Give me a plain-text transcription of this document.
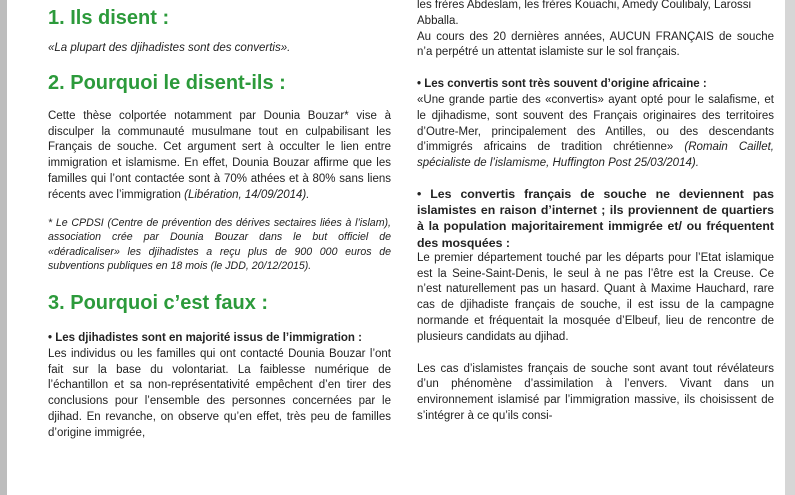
1. Ils disent :

«La plupart des djihadistes sont des convertis».

2. Pourquoi le disent-ils :

Cette thèse colportée notamment par Dounia Bouzar* vise à disculper la communauté musulmane tout en culpabilisant les Français de souche. Cet argument sert à occulter le lien entre immigration et islamisme. En effet, Dounia Bouzar affirme que les familles qui l’ont contactée sont à 70% athées et à 80% sans liens récents avec l’immigration (Libération, 14/09/2014).

* Le CPDSI (Centre de prévention des dérives sectaires liées à l’islam), association crée par Dounia Bouzar dans le but officiel de «déradicaliser» les djihadistes a reçu plus de 900 000 euros de subventions publiques en 18 mois (le JDD, 20/12/2015).

3. Pourquoi c’est faux :

• Les djihadistes sont en majorité issus de l’immigration :

Les individus ou les familles qui ont contacté Dounia Bouzar l’ont fait sur la base du volontariat. La faiblesse numérique de l’échantillon et sa non-représentativité empêchent d’en tirer des conclusions pour l’ensemble des personnes concernées par le djihad. En revanche, on observe qu’en effet, très peu de familles d’origine immigrée,

les frères Abdeslam, les frères Kouachi, Amedy Coulibaly, Larossi Abballa.

Au cours des 20 dernières années, AUCUN FRANÇAIS de souche n’a perpétré un attentat islamiste sur le sol français.

• Les convertis sont très souvent d’origine africaine :

«Une grande partie des «convertis» ayant opté pour le salafisme, et le djihadisme, sont souvent des Français originaires des territoires d’Outre-Mer, principalement des Antilles, ou des descendants d’immigrés africains de tradition chrétienne» (Romain Caillet, spécialiste de l’islamisme, Huffington Post 25/03/2014).

• Les convertis français de souche ne deviennent pas islamistes en raison d’internet ; ils proviennent de quartiers à la population majoritairement immigrée et/ ou fréquentent des mosquées :

Le premier département touché par les départs pour l’Etat islamique est la Seine-Saint-Denis, le seul à ne pas l’être est la Creuse. Ce n’est naturellement pas un hasard. Quant à Maxime Hauchard, rare cas de djihadiste français de souche, il est issu de la campagne normande et fréquentait la mosquée d’Elbeuf, lieu de rencontre de plusieurs candidats au djihad.

Les cas d’islamistes français de souche sont avant tout révélateurs d’un phénomène d’assimilation à l’envers. Vivant dans un environnement islamisé par l’immigration massive, ils choisissent de s’intégrer à ce qu’ils consi-
